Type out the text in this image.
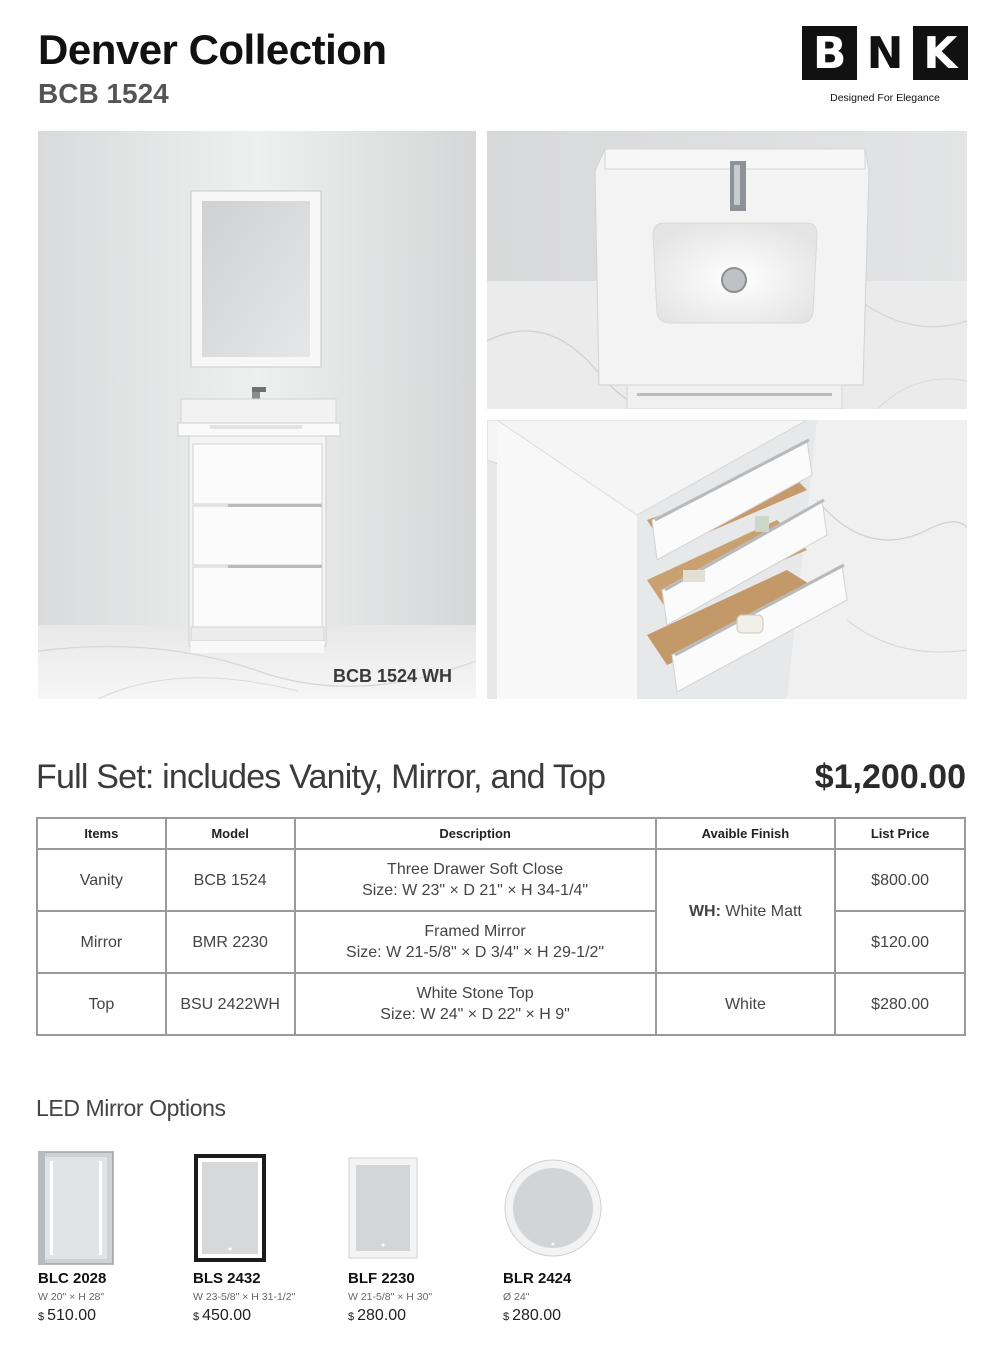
Denver Collection
BCB 1524
B N K
Designed For Elegance
BCB 1524 WH
Full Set: includes Vanity, Mirror, and Top	$1,200.00
Items	Model	Description	Avaible Finish	List Price
Vanity	BCB 1524	Three Drawer Soft Close
Size: W 23" × D 21" × H 34-1/4"	WH: White Matt	$800.00
Mirror	BMR 2230	Framed Mirror
Size: W 21-5/8" × D 3/4" × H 29-1/2"		$120.00
Top	BSU 2422WH	White Stone Top
Size: W 24" × D 22" × H 9"	White	$280.00
LED Mirror Options
BLC 2028
W 20" × H 28"
$ 510.00
BLS 2432
W 23-5/8" × H 31-1/2"
$ 450.00
BLF 2230
W 21-5/8" × H 30"
$ 280.00
BLR 2424
Ø 24"
$ 280.00
